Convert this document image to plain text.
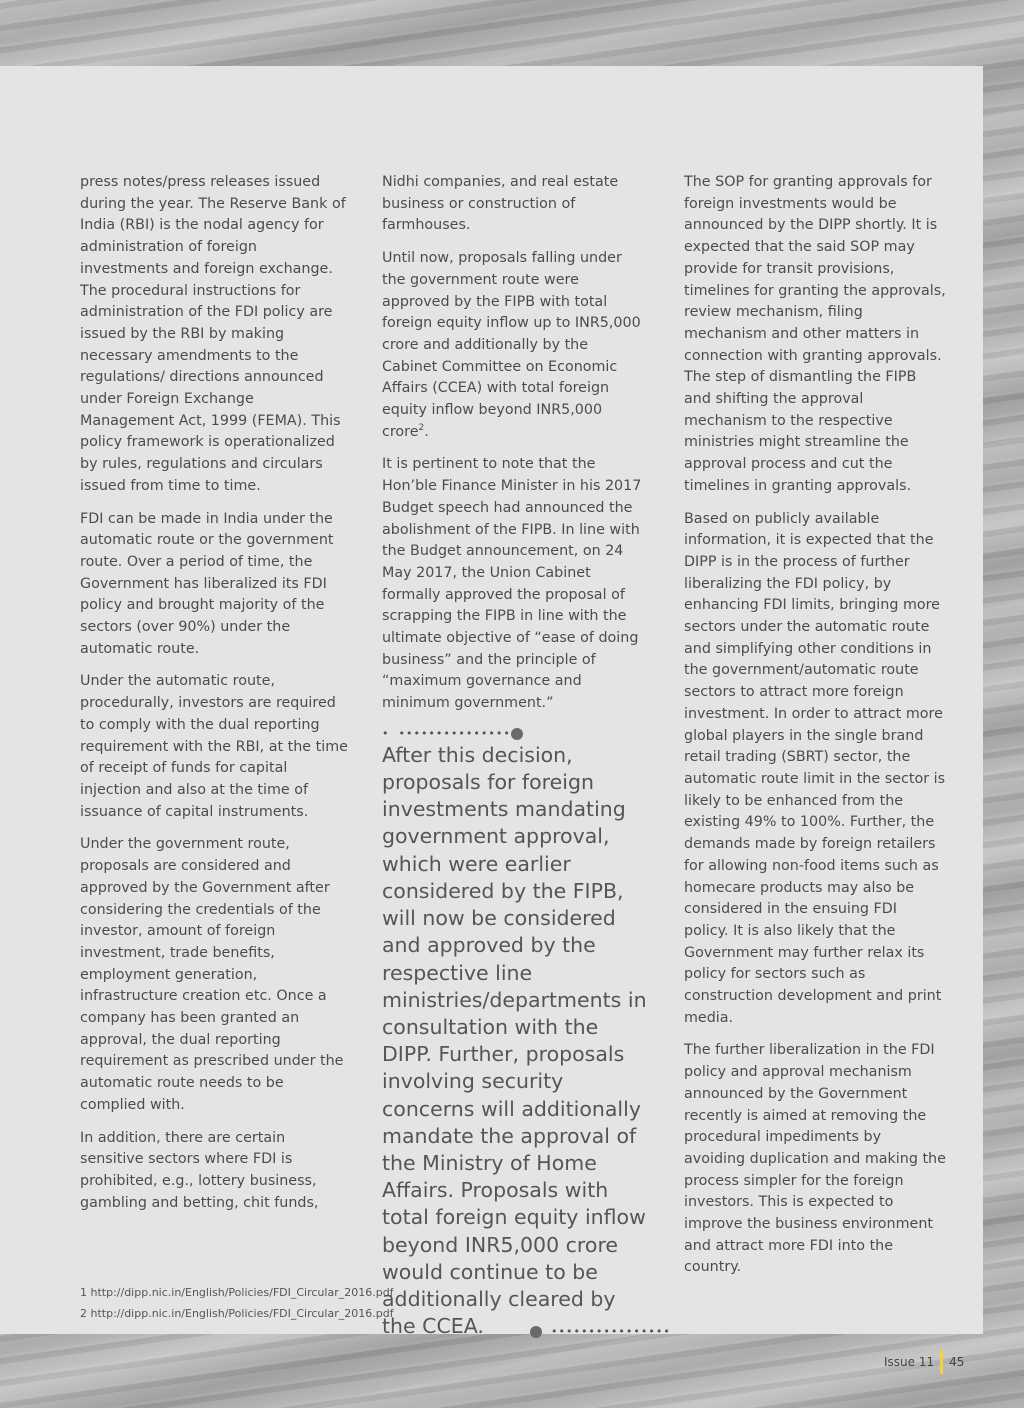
press notes/press releases issued during the year. The Reserve Bank of India (RBI) is the nodal agency for administration of foreign investments and foreign exchange. The procedural instructions for administration of the FDI policy are issued by the RBI by making necessary amendments to the regulations/ directions announced under Foreign Exchange Management Act, 1999 (FEMA). This policy framework is operationalized by rules, regulations and circulars issued from time to time.

FDI can be made in India under the automatic route or the government route. Over a period of time, the Government has liberalized its FDI policy and brought majority of the sectors (over 90%) under the automatic route.

Under the automatic route, procedurally, investors are required to comply with the dual reporting requirement with the RBI, at the time of receipt of funds for capital injection and also at the time of issuance of capital instruments.

Under the government route, proposals are considered and approved by the Government after considering the credentials of the investor, amount of foreign investment, trade benefits, employment generation, infrastructure creation etc. Once a company has been granted an approval, the dual reporting requirement as prescribed under the automatic route needs to be complied with.

In addition, there are certain sensitive sectors where FDI is prohibited, e.g., lottery business, gambling and betting, chit funds,

Nidhi companies, and real estate business or construction of farmhouses.

Until now, proposals falling under the government route were approved by the FIPB with total foreign equity inflow up to INR5,000 crore and additionally by the Cabinet Committee on Economic Affairs (CCEA) with total foreign equity inflow beyond INR5,000 crore$^2$.

It is pertinent to note that the Hon’ble Finance Minister in his 2017 Budget speech had announced the abolishment of the FIPB. In line with the Budget announcement, on 24 May 2017, the Union Cabinet formally approved the proposal of scrapping the FIPB in line with the ultimate objective of “ease of doing business” and the principle of “maximum governance and minimum government.”

•  •••••••••••••••

After this decision, proposals for foreign investments mandating government approval, which were earlier considered by the FIPB, will now be considered and approved by the respective line ministries/departments in consultation with the DIPP. Further, proposals involving security concerns will additionally mandate the approval of the Ministry of Home Affairs. Proposals with total foreign equity inflow beyond INR5,000 crore would continue to be additionally cleared by the CCEA.	••••••••••••••••

The SOP for granting approvals for foreign investments would be announced by the DIPP shortly. It is expected that the said SOP may provide for transit provisions, timelines for granting the approvals, review mechanism, filing mechanism and other matters in connection with granting approvals. The step of dismantling the FIPB and shifting the approval mechanism to the respective ministries might streamline the approval process and cut the timelines in granting approvals.

Based on publicly available information, it is expected that the DIPP is in the process of further liberalizing the FDI policy, by enhancing FDI limits, bringing more sectors under the automatic route and simplifying other conditions in the government/automatic route sectors to attract more foreign investment. In order to attract more global players in the single brand retail trading (SBRT) sector, the automatic route limit in the sector is likely to be enhanced from the existing 49% to 100%. Further, the demands made by foreign retailers for allowing non-food items such as homecare products may also be considered in the ensuing FDI policy. It is also likely that the Government may further relax its policy for sectors such as construction development and print media.

The further liberalization in the FDI policy and approval mechanism announced by the Government recently is aimed at removing the procedural impediments by avoiding duplication and making the process simpler for the foreign investors. This is expected to improve the business environment and attract more FDI into the country.

1 http://dipp.nic.in/English/Policies/FDI_Circular_2016.pdf
2 http://dipp.nic.in/English/Policies/FDI_Circular_2016.pdf
Issue 11 45
